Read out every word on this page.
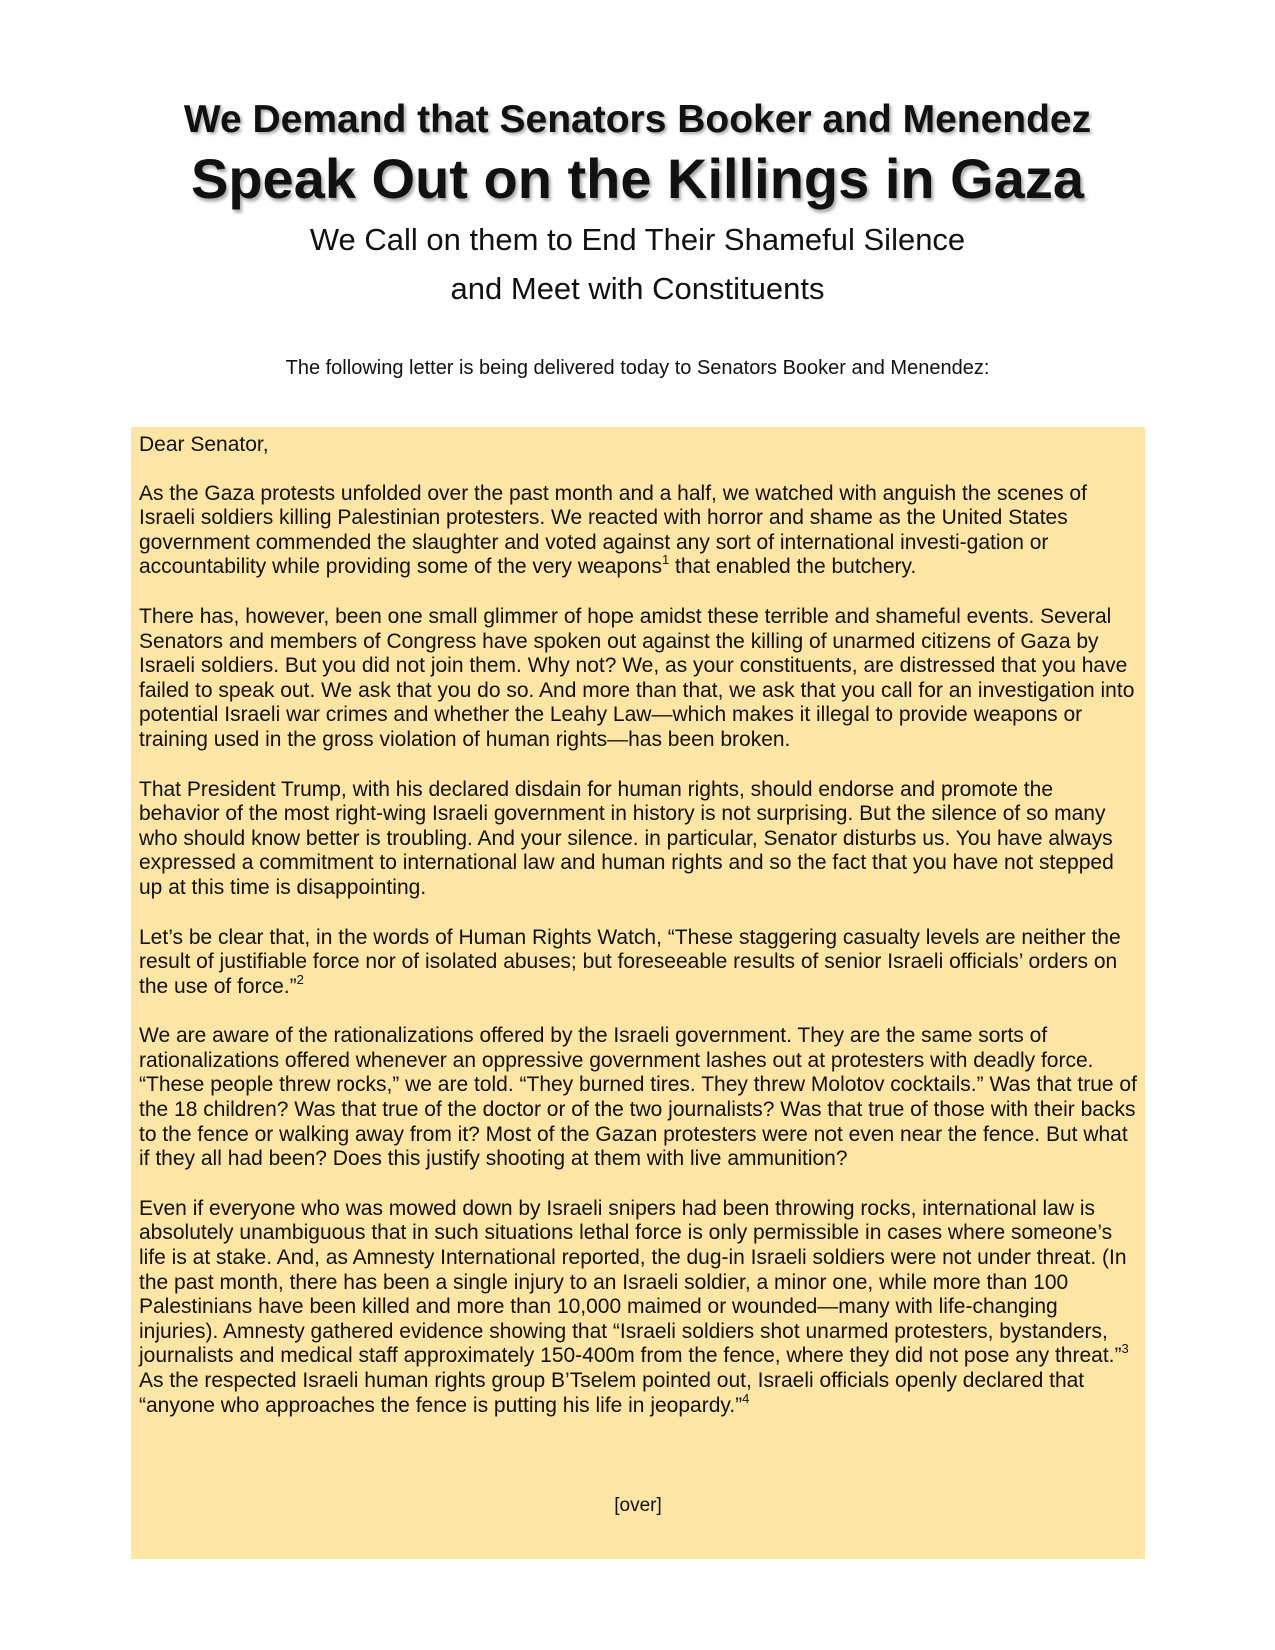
We Demand that Senators Booker and Menendez
Speak Out on the Killings in Gaza
We Call on them to End Their Shameful Silence
and Meet with Constituents
The following letter is being delivered today to Senators Booker and Menendez:

Dear Senator,

As the Gaza protests unfolded over the past month and a half, we watched with anguish the scenes of Israeli soldiers killing Palestinian protesters. We reacted with horror and shame as the United States government commended the slaughter and voted against any sort of international investi-gation or accountability while providing some of the very weapons$^1$ that enabled the butchery.

There has, however, been one small glimmer of hope amidst these terrible and shameful events. Several Senators and members of Congress have spoken out against the killing of unarmed citizens of Gaza by Israeli soldiers. But you did not join them. Why not? We, as your constituents, are distressed that you have failed to speak out. We ask that you do so. And more than that, we ask that you call for an investigation into potential Israeli war crimes and whether the Leahy Law—which makes it illegal to provide weapons or training used in the gross violation of human rights—has been broken.

That President Trump, with his declared disdain for human rights, should endorse and promote the behavior of the most right-wing Israeli government in history is not surprising. But the silence of so many who should know better is troubling. And your silence. in particular, Senator disturbs us. You have always expressed a commitment to international law and human rights and so the fact that you have not stepped up at this time is disappointing.

Let’s be clear that, in the words of Human Rights Watch, “These staggering casualty levels are neither the result of justifiable force nor of isolated abuses; but foreseeable results of senior Israeli officials’ orders on the use of force.”$^2$

We are aware of the rationalizations offered by the Israeli government. They are the same sorts of rationalizations offered whenever an oppressive government lashes out at protesters with deadly force. “These people threw rocks,” we are told. “They burned tires. They threw Molotov cocktails.” Was that true of the 18 children? Was that true of the doctor or of the two journalists? Was that true of those with their backs to the fence or walking away from it? Most of the Gazan protesters were not even near the fence. But what if they all had been? Does this justify shooting at them with live ammunition?

Even if everyone who was mowed down by Israeli snipers had been throwing rocks, international law is absolutely unambiguous that in such situations lethal force is only permissible in cases where someone’s life is at stake. And, as Amnesty International reported, the dug-in Israeli soldiers were not under threat. (In the past month, there has been a single injury to an Israeli soldier, a minor one, while more than 100 Palestinians have been killed and more than 10,000 maimed or wounded—many with life-changing injuries). Amnesty gathered evidence showing that “Israeli soldiers shot unarmed protesters, bystanders, journalists and medical staff approximately 150-400m from the fence, where they did not pose any threat.”$^3$ As the respected Israeli human rights group B’Tselem pointed out, Israeli officials openly declared that “anyone who approaches the fence is putting his life in jeopardy.”$^4$

[over]
